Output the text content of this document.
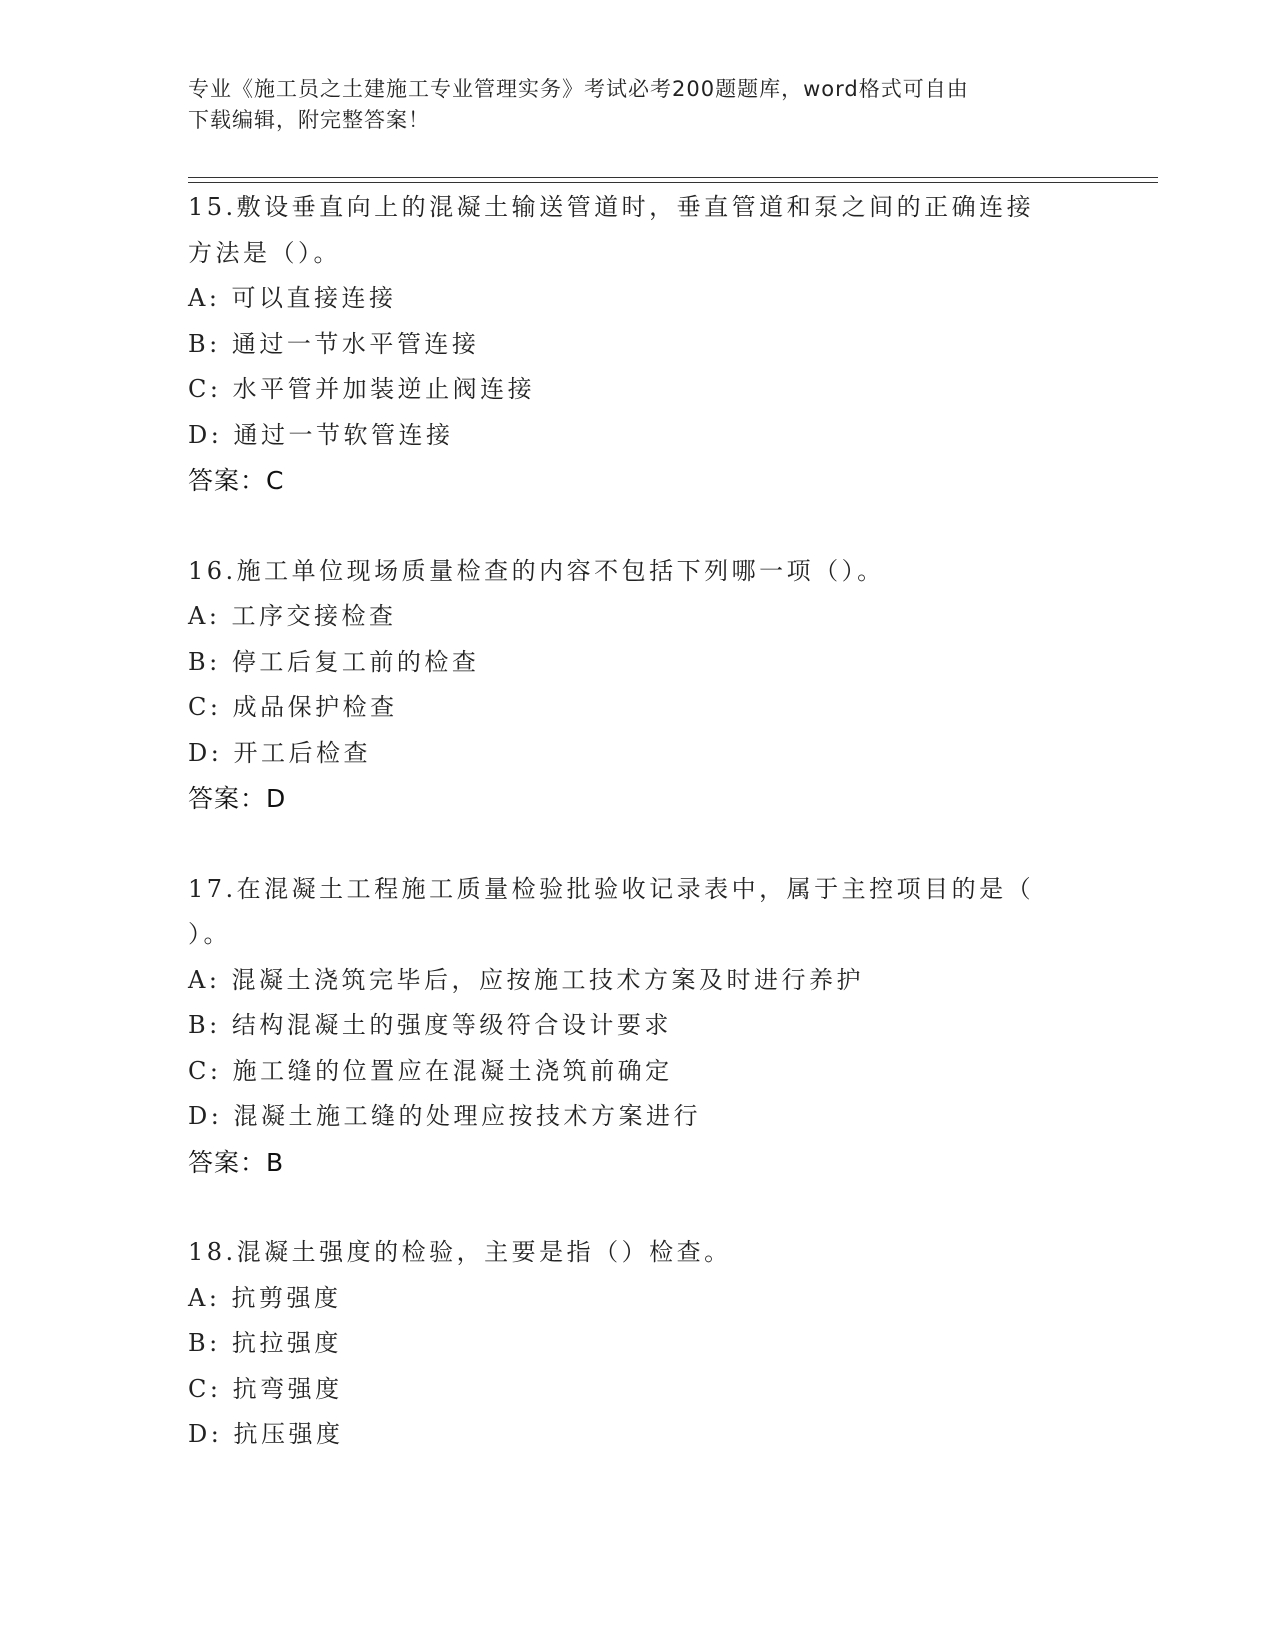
专业《施工员之土建施工专业管理实务》考试必考200题题库，word格式可自由
下载编辑，附完整答案！
15.敷设垂直向上的混凝土输送管道时，垂直管道和泵之间的正确连接
方法是（）。
A: 可以直接连接
B: 通过一节水平管连接
C: 水平管并加装逆止阀连接
D: 通过一节软管连接
答案：C
16.施工单位现场质量检查的内容不包括下列哪一项（）。
A: 工序交接检查
B: 停工后复工前的检查
C: 成品保护检查
D: 开工后检查
答案：D
17.在混凝土工程施工质量检验批验收记录表中，属于主控项目的是（
）。
A: 混凝土浇筑完毕后，应按施工技术方案及时进行养护
B: 结构混凝土的强度等级符合设计要求
C: 施工缝的位置应在混凝土浇筑前确定
D: 混凝土施工缝的处理应按技术方案进行
答案：B
18.混凝土强度的检验，主要是指（）检查。
A: 抗剪强度
B: 抗拉强度
C: 抗弯强度
D: 抗压强度
